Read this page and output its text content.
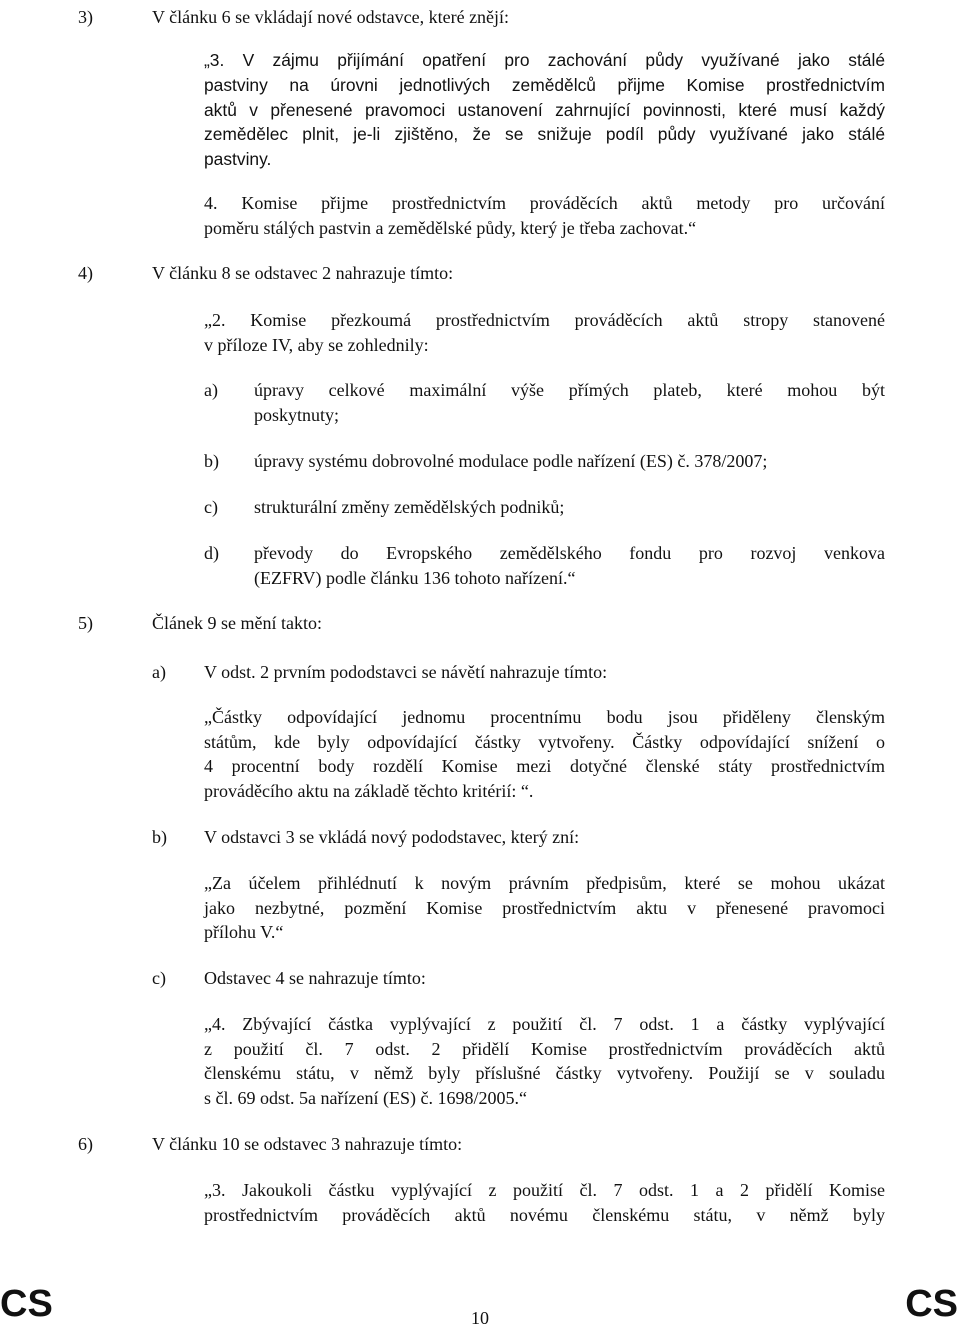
3)	V článku 6 se vkládají nové odstavce, které znějí:
„3. V zájmu přijímání opatření pro zachování půdy využívané jako stálé
pastviny na úrovni jednotlivých zemědělců přijme Komise prostřednictvím
aktů v přenesené pravomoci ustanovení zahrnující povinnosti, které musí každý
zemědělec plnit, je-li zjištěno, že se snižuje podíl půdy využívané jako stálé
pastviny.
4. Komise přijme prostřednictvím prováděcích aktů metody pro určování
poměru stálých pastvin a zemědělské půdy, který je třeba zachovat.“
4)	V článku 8 se odstavec 2 nahrazuje tímto:
„2. Komise přezkoumá prostřednictvím prováděcích aktů stropy stanovené
v příloze IV, aby se zohlednily:
a) úpravy celkové maximální výše přímých plateb, které mohou být
poskytnuty;
b) úpravy systému dobrovolné modulace podle nařízení (ES) č. 378/2007;
c) strukturální změny zemědělských podniků;
d) převody do Evropského zemědělského fondu pro rozvoj venkova
(EZFRV) podle článku 136 tohoto nařízení.“
5)	Článek 9 se mění takto:
a) V odst. 2 prvním pododstavci se návětí nahrazuje tímto:
„Částky odpovídající jednomu procentnímu bodu jsou přiděleny členským
státům, kde byly odpovídající částky vytvořeny. Částky odpovídající snížení o
4 procentní body rozdělí Komise mezi dotyčné členské státy prostřednictvím
prováděcího aktu na základě těchto kritérií: “.
b) V odstavci 3 se vkládá nový pododstavec, který zní:
„Za účelem přihlédnutí k novým právním předpisům, které se mohou ukázat
jako nezbytné, pozmění Komise prostřednictvím aktu v přenesené pravomoci
přílohu V.“
c) Odstavec 4 se nahrazuje tímto:
„4. Zbývající částka vyplývající z použití čl. 7 odst. 1 a částky vyplývající
z použití čl. 7 odst. 2 přidělí Komise prostřednictvím prováděcích aktů
členskému státu, v němž byly příslušné částky vytvořeny. Použijí se v souladu
s čl. 69 odst. 5a nařízení (ES) č. 1698/2005.“
6)	V článku 10 se odstavec 3 nahrazuje tímto:
„3. Jakoukoli částku vyplývající z použití čl. 7 odst. 1 a 2 přidělí Komise
prostřednictvím prováděcích aktů novému členskému státu, v němž byly
CS	10	CS
